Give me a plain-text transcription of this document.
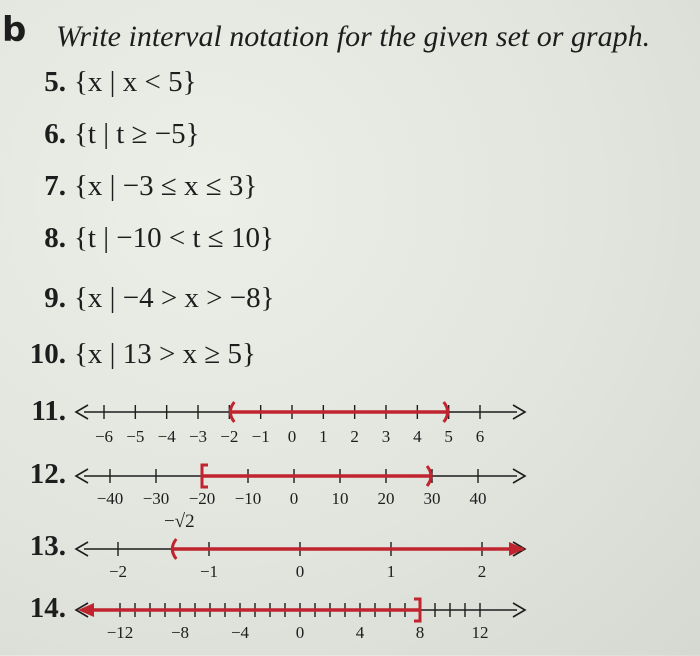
b Write interval notation for the given set or graph.
5. {x | x < 5}
6. {t | t ≥ −5}
7. {x | −3 ≤ x ≤ 3}
8. {t | −10 < t ≤ 10}
9. {x | −4 > x > −8}
10. {x | 13 > x ≥ 5}
11.
−6 −5 −4 −3 −2 −1 0 1 2 3 4 5 6
12.
−40 −30 −20 −10 0 10 20 30 40
13.
−2	−1	0	1	2
−√2
14.
−12 −8 −4	0	4	8	12
